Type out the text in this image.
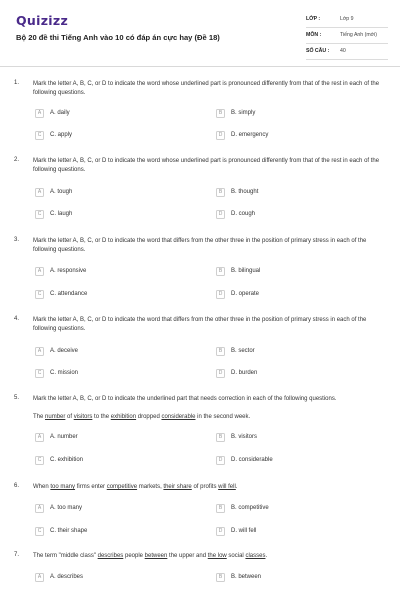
Quizizz
Bộ 20 đề thi Tiếng Anh vào 10 có đáp án cực hay (Đề 18)
LỚP :	Lớp 9
MÔN :	Tiếng Anh (mới)
SỐ CÂU : 40
1. Mark the letter A, B, C, or D to indicate the word whose underlined part is pronounced differently from that of the rest in each of the following questions.
A	A. daily	B	B. simply
C	C. apply	D	D. emergency
2. Mark the letter A, B, C, or D to indicate the word whose underlined part is pronounced differently from that of the rest in each of the following questions.
A	A. tough	B	B. thought
C	C. laugh	D	D. cough
3. Mark the letter A, B, C, or D to indicate the word that differs from the other three in the position of primary stress in each of the following questions.
A	A. responsive	B	B. bilingual
C	C. attendance	D	D. operate
4. Mark the letter A, B, C, or D to indicate the word that differs from the other three in the position of primary stress in each of the following questions.
A	A. deceive	B	B. sector
C	C. mission	D	D. burden
5. Mark the letter A, B, C, or D to indicate the underlined part that needs correction in each of the following questions.
The number of visitors to the exhibition dropped considerable in the second week.
A	A. number	B	B. visitors
C	C. exhibition	D	D. considerable
6. When too many firms enter competitive markets, their share of profits will fell.
A	A. too many	B	B. competitive
C	C. their shape	D	D. will fell
7. The term "middle class" describes people between the upper and the low social classes.
A	A. describes	B	B. between
